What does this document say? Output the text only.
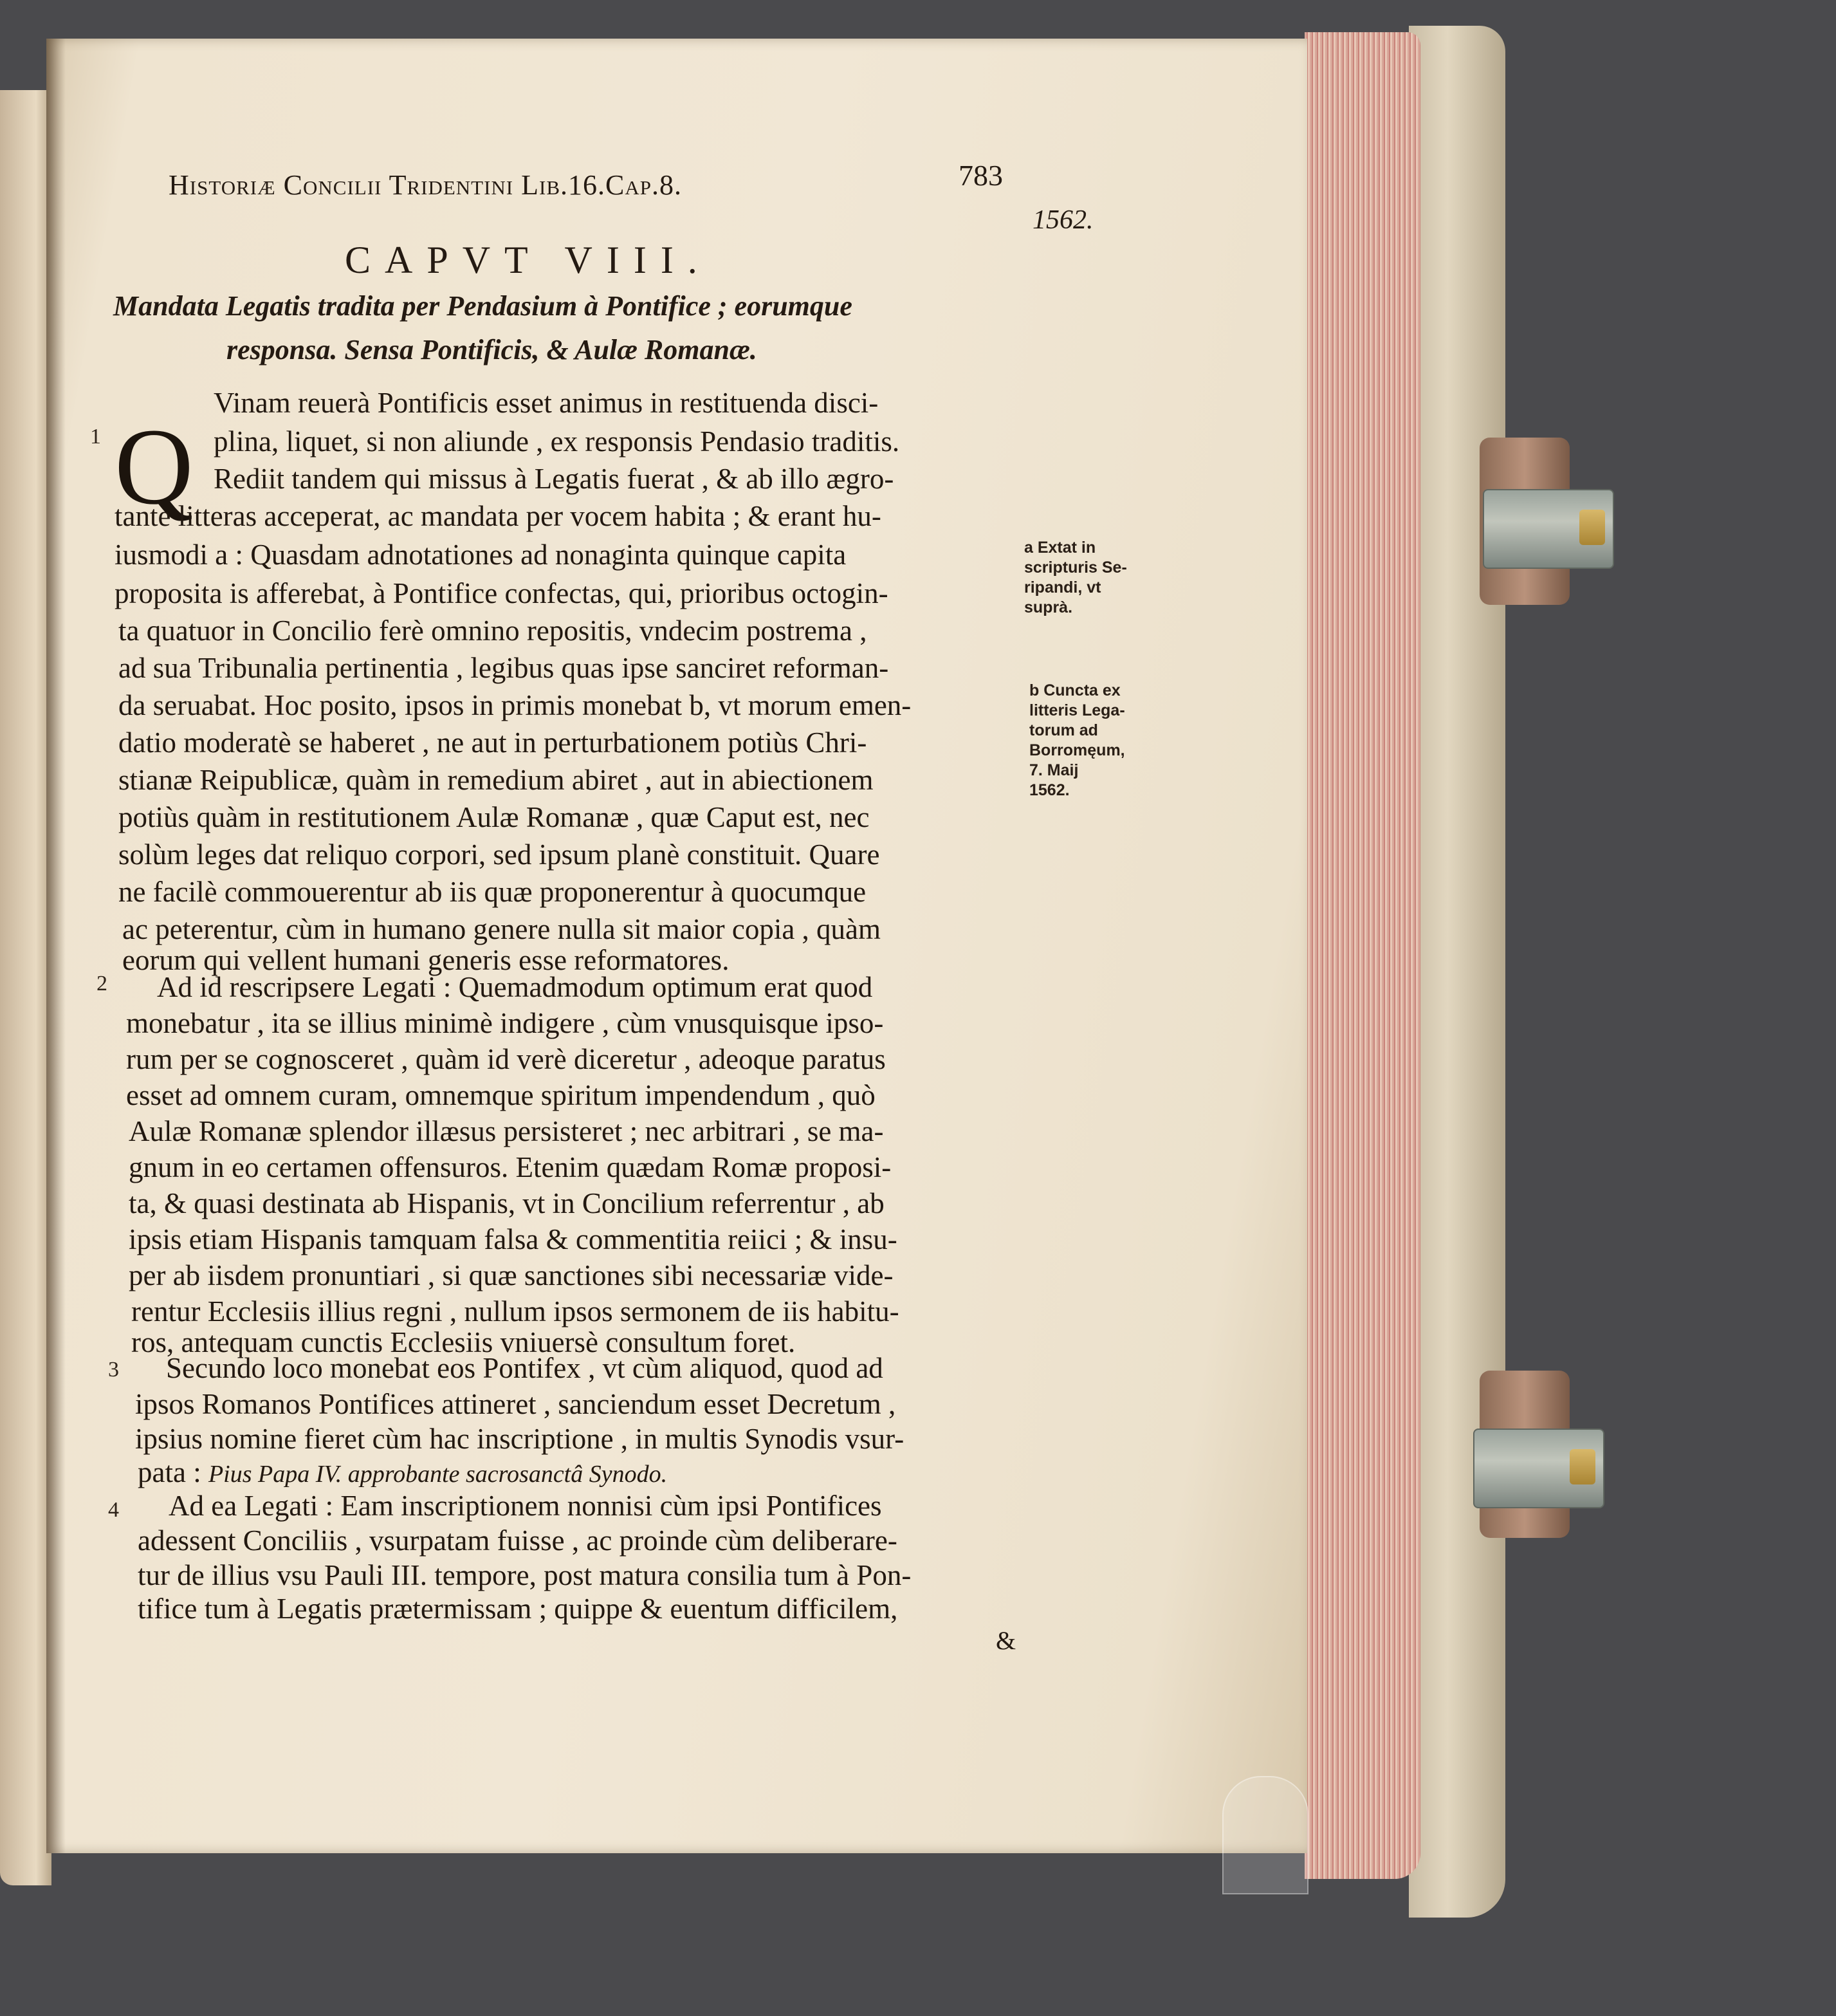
Historiæ Concilii Tridentini Lib.16.Cap.8.	783
1562.
CAPVT VIII.
Mandata Legatis tradita per Pendasium à Pontifice ; eorumque
responsa. Sensa Pontificis, & Aulæ Romanæ.
1
2
3
4
Q
Vinam reuerà Pontificis esset animus in restituenda disci-
plina, liquet, si non aliunde , ex responsis Pendasio traditis.
Rediit tandem qui missus à Legatis fuerat , & ab illo ægro-
tante litteras acceperat, ac mandata per vocem habita ; & erant hu-
iusmodi a : Quasdam adnotationes ad nonaginta quinque capita
proposita is afferebat, à Pontifice confectas, qui, prioribus octogin-
ta quatuor in Concilio ferè omnino repositis, vndecim postrema ,
ad sua Tribunalia pertinentia , legibus quas ipse sanciret reforman-
da seruabat. Hoc posito, ipsos in primis monebat b, vt morum emen-
datio moderatè se haberet , ne aut in perturbationem potiùs Chri-
stianæ Reipublicæ, quàm in remedium abiret , aut in abiectionem
potiùs quàm in restitutionem Aulæ Romanæ , quæ Caput est, nec
solùm leges dat reliquo corpori, sed ipsum planè constituit. Quare
ne facilè commouerentur ab iis quæ proponerentur à quocumque
ac peterentur, cùm in humano genere nulla sit maior copia , quàm
eorum qui vellent humani generis esse reformatores.
Ad id rescripsere Legati : Quemadmodum optimum erat quod
monebatur , ita se illius minimè indigere , cùm vnusquisque ipso-
rum per se cognosceret , quàm id verè diceretur , adeoque paratus
esset ad omnem curam, omnemque spiritum impendendum , quò
Aulæ Romanæ splendor illæsus persisteret ; nec arbitrari , se ma-
gnum in eo certamen offensuros. Etenim quædam Romæ proposi-
ta, & quasi destinata ab Hispanis, vt in Concilium referrentur , ab
ipsis etiam Hispanis tamquam falsa & commentitia reiici ; & insu-
per ab iisdem pronuntiari , si quæ sanctiones sibi necessariæ vide-
rentur Ecclesiis illius regni , nullum ipsos sermonem de iis habitu-
ros, antequam cunctis Ecclesiis vniuersè consultum foret.
Secundo loco monebat eos Pontifex , vt cùm aliquod, quod ad
ipsos Romanos Pontifices attineret , sanciendum esset Decretum ,
ipsius nomine fieret cùm hac inscriptione , in multis Synodis vsur-
pata : Pius Papa IV. approbante sacrosanctâ Synodo.
Ad ea Legati : Eam inscriptionem nonnisi cùm ipsi Pontifices
adessent Conciliis , vsurpatam fuisse , ac proinde cùm deliberare-
tur de illius vsu Pauli III. tempore, post matura consilia tum à Pon-
tifice tum à Legatis prætermissam ; quippe & euentum difficilem,
&
a Extat in
scripturis Se-
ripandi, vt
suprà.
b Cuncta ex
litteris Lega-
torum ad
Borromęum,
7. Maij
1562.
